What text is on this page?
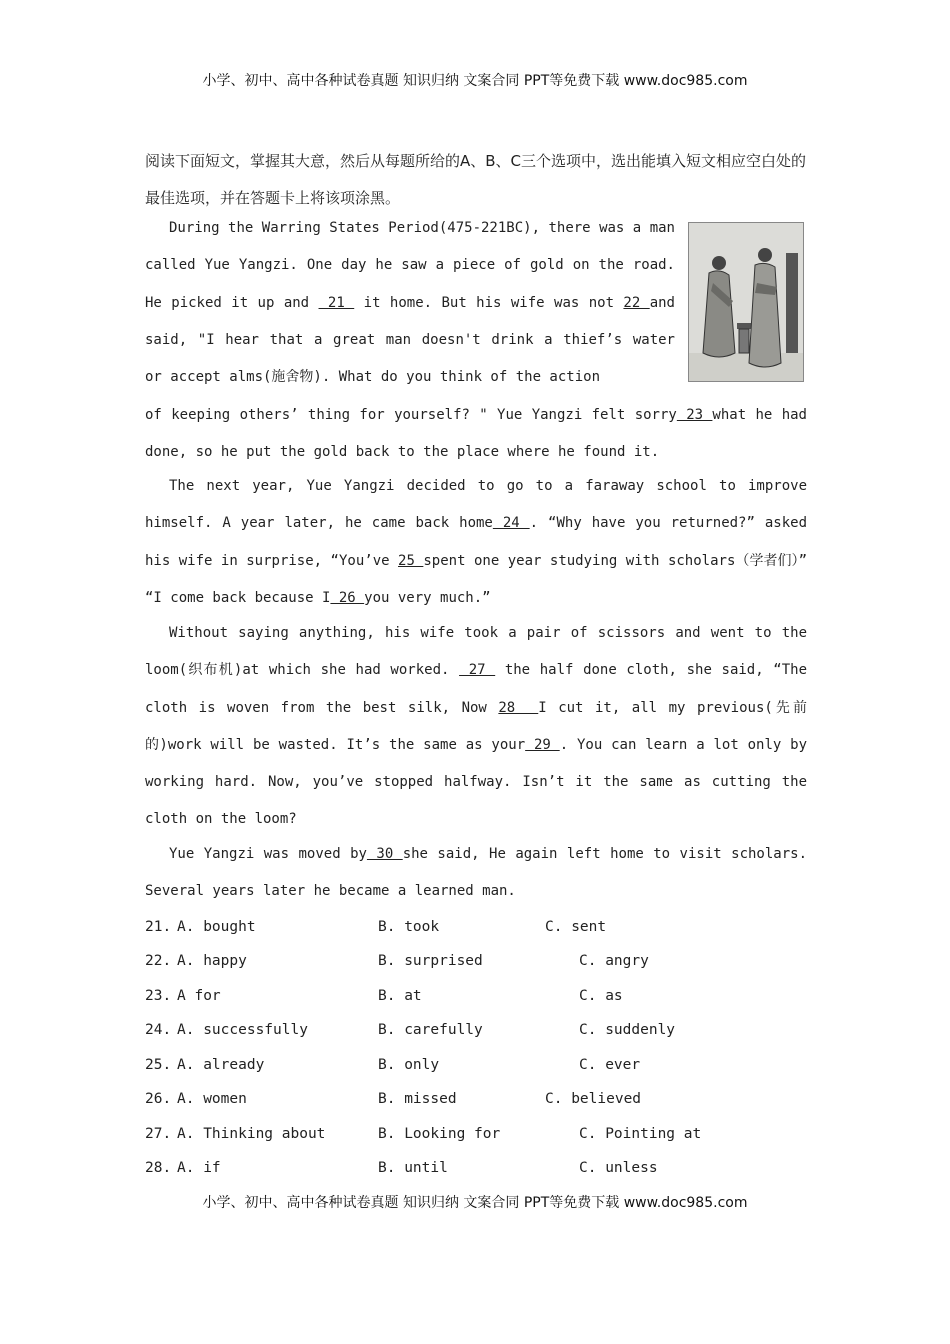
小学、初中、高中各种试卷真题 知识归纳 文案合同 PPT等免费下载 www.doc985.com
阅读下面短文，掌握其大意，然后从每题所给的A、B、C三个选项中，选出能填入短文相应空白处的最佳选项，并在答题卡上将该项涂黑。
During the Warring States Period(475-221BC), there was a man called Yue Yangzi. One day he saw a piece of gold on the road. He picked it up and  21  it home. But his wife was not 22 and said, "I hear that a great man doesn't drink a thief’s water or accept alms(施舍物). What do you think of the action
of keeping others’ thing for yourself? " Yue Yangzi felt sorry 23 what he had done, so he put the gold back to the place where he found it.
The next year, Yue Yangzi decided to go to a faraway school to improve himself. A year later, he came back home 24 . “Why have you returned?” asked his wife in surprise, “You’ve 25 spent one year studying with scholars（学者们）” “I come back because I 26 you very much.”
Without saying anything, his wife took a pair of scissors and went to the loom(织布机)at which she had worked.  27  the half done cloth, she said, “The cloth is woven from the best silk, Now 28  I cut it, all my previous(先前的)work will be wasted. It’s the same as your 29 . You can learn a lot only by working hard. Now, you’ve stopped halfway. Isn’t it the same as cutting the cloth on the loom?
Yue Yangzi was moved by 30 she said, He again left home to visit scholars. Several years later he became a learned man.
21. A. bought	B. took	C. sent
22. A. happy	B. surprised	C. angry
23. A for	B. at	C. as
24. A. successfully	B. carefully	C. suddenly
25. A. already	B. only	C. ever
26. A. women	B. missed	C. believed
27. A. Thinking about	B. Looking for	C. Pointing at
28. A. if	B. until	C. unless
小学、初中、高中各种试卷真题 知识归纳 文案合同 PPT等免费下载 www.doc985.com
